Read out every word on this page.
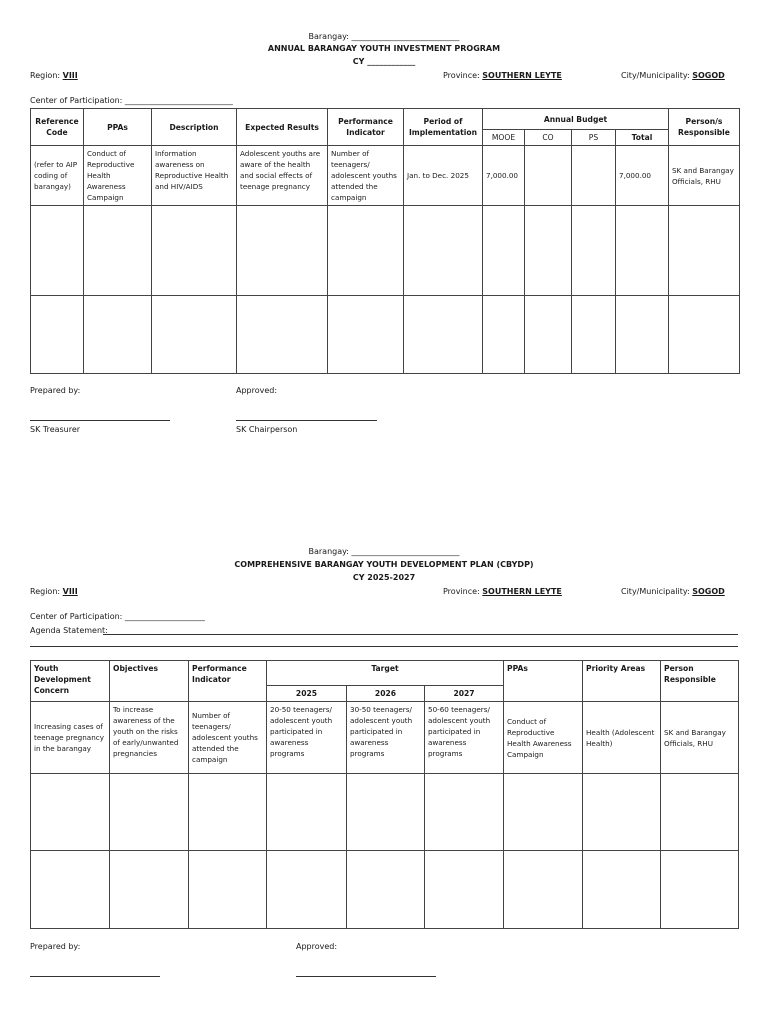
Barangay: ___________________________
ANNUAL BARANGAY YOUTH INVESTMENT PROGRAM
CY ____________
Region: VIII	Province: SOUTHERN LEYTE	City/Municipality: SOGOD
Center of Participation: ___________________________
Reference Code	PPAs	Description	Expected Results	Performance Indicator	Period of Implementation	Annual Budget				Person/s Responsible
						MOOE	CO	PS	Total	
(refer to AIP coding of barangay)	Conduct of Reproductive Health Awareness Campaign	Information awareness on Reproductive Health and HIV/AIDS	Adolescent youths are aware of the health and social effects of teenage pregnancy	Number of teenagers/ adolescent youths attended the campaign	Jan. to Dec. 2025	7,000.00			7,000.00	SK and Barangay Officials, RHU

Prepared by:	Approved:
SK Treasurer	SK Chairperson
Barangay: ___________________________
COMPREHENSIVE BARANGAY YOUTH DEVELOPMENT PLAN (CBYDP)
CY 2025-2027
Region: VIII	Province: SOUTHERN LEYTE	City/Municipality: SOGOD
Center of Participation: ____________________
Agenda Statement:
Youth Development Concern	Objectives	Performance Indicator	Target			PPAs	Priority Areas	Person Responsible
			2025	2026	2027			
Increasing cases of teenage pregnancy in the barangay	To increase awareness of the youth on the risks of early/unwanted pregnancies	Number of teenagers/ adolescent youths attended the campaign	20-50 teenagers/ adolescent youth participated in awareness programs	30-50 teenagers/ adolescent youth participated in awareness programs	50-60 teenagers/ adolescent youth participated in awareness programs	Conduct of Reproductive Health Awareness Campaign	Health (Adolescent Health)	SK and Barangay Officials, RHU

Prepared by:	Approved:
